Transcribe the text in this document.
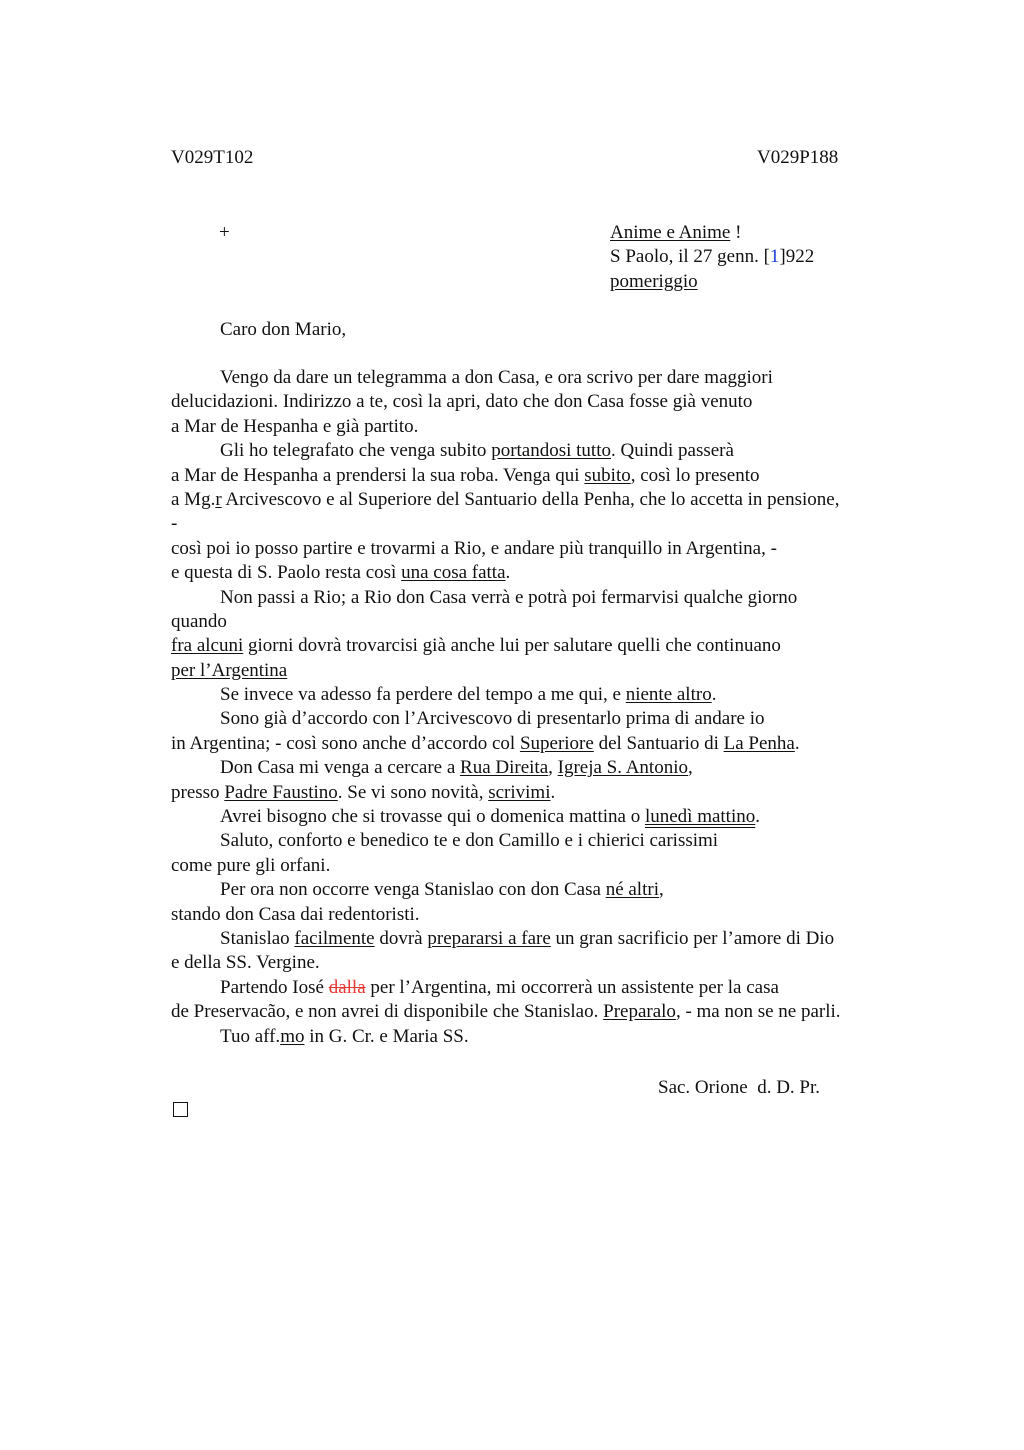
V029T102	V029P188
+	Anime e Anime !
S Paolo, il 27 genn. [1]922
pomeriggio
Caro don Mario,
Vengo da dare un telegramma a don Casa, e ora scrivo per dare maggiori
delucidazioni. Indirizzo a te, così la apri, dato che don Casa fosse già venuto
a Mar de Hespanha e già partito.
Gli ho telegrafato che venga subito portandosi tutto. Quindi passerà
a Mar de Hespanha a prendersi la sua roba. Venga qui subito, così lo presento
a Mg.r Arcivescovo e al Superiore del Santuario della Penha, che lo accetta in pensione,
-
così poi io posso partire e trovarmi a Rio, e andare più tranquillo in Argentina, -
e questa di S. Paolo resta così una cosa fatta.
Non passi a Rio; a Rio don Casa verrà e potrà poi fermarvisi qualche giorno
quando
fra alcuni giorni dovrà trovarcisi già anche lui per salutare quelli che continuano
per l’Argentina
Se invece va adesso fa perdere del tempo a me qui, e niente altro.
Sono già d’accordo con l’Arcivescovo di presentarlo prima di andare io
in Argentina; - così sono anche d’accordo col Superiore del Santuario di La Penha.
Don Casa mi venga a cercare a Rua Direita, Igreja S. Antonio,
presso Padre Faustino. Se vi sono novità, scrivimi.
Avrei bisogno che si trovasse qui o domenica mattina o lunedì mattino.
Saluto, conforto e benedico te e don Camillo e i chierici carissimi
come pure gli orfani.
Per ora non occorre venga Stanislao con don Casa né altri,
stando don Casa dai redentoristi.
Stanislao facilmente dovrà prepararsi a fare un gran sacrificio per l’amore di Dio
e della SS. Vergine.
Partendo Iosé dalla per l’Argentina, mi occorrerà un assistente per la casa
de Preservacão, e non avrei di disponibile che Stanislao. Preparalo, - ma non se ne parli.
Tuo aff.mo in G. Cr. e Maria SS.
Sac. Orione  d. D. Pr.
